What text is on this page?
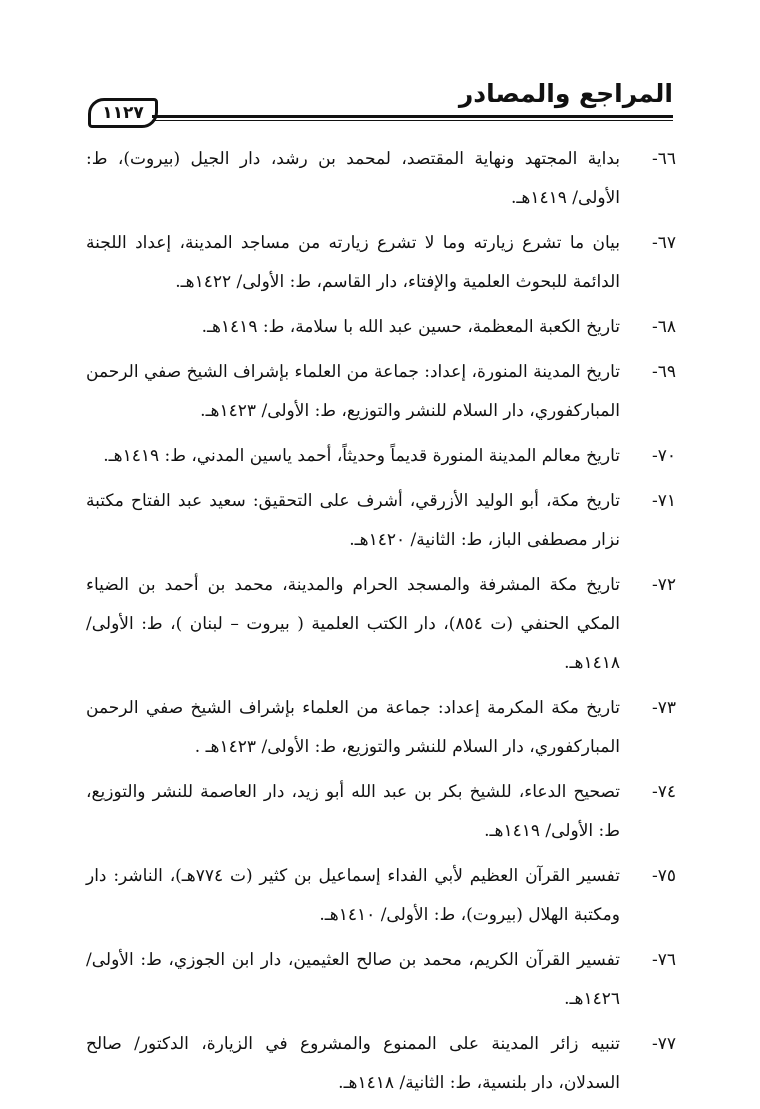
المراجع والمصادر
١١٢٧
٦٦-
بداية المجتهد ونهاية المقتصد، لمحمد بن رشد، دار الجيل (بيروت)، ط: الأولى/ ١٤١٩هـ.
٦٧-
بيان ما تشرع زيارته وما لا تشرع زيارته من مساجد المدينة، إعداد اللجنة الدائمة للبحوث العلمية والإفتاء، دار القاسم، ط: الأولى/ ١٤٢٢هـ.
٦٨-
تاريخ الكعبة المعظمة، حسين عبد الله با سلامة، ط: ١٤١٩هـ.
٦٩-
تاريخ المدينة المنورة، إعداد: جماعة من العلماء بإشراف الشيخ صفي الرحمن المباركفوري، دار السلام للنشر والتوزيع، ط: الأولى/ ١٤٢٣هـ.
٧٠-
تاريخ معالم المدينة المنورة قديماً وحديثاً، أحمد ياسين المدني، ط: ١٤١٩هـ.
٧١-
تاريخ مكة، أبو الوليد الأزرقي، أشرف على التحقيق: سعيد عبد الفتاح مكتبة نزار مصطفى الباز، ط: الثانية/ ١٤٢٠هـ.
٧٢-
تاريخ مكة المشرفة والمسجد الحرام والمدينة، محمد بن أحمد بن الضياء المكي الحنفي (ت ٨٥٤)، دار الكتب العلمية ( بيروت – لبنان )، ط: الأولى/ ١٤١٨هـ.
٧٣-
تاريخ مكة المكرمة إعداد: جماعة من العلماء بإشراف الشيخ صفي الرحمن المباركفوري، دار السلام للنشر والتوزيع، ط: الأولى/ ١٤٢٣هـ .
٧٤-
تصحيح الدعاء، للشيخ بكر بن عبد الله أبو زيد، دار العاصمة للنشر والتوزيع، ط: الأولى/ ١٤١٩هـ.
٧٥-
تفسير القرآن العظيم لأبي الفداء إسماعيل بن كثير (ت ٧٧٤هـ)، الناشر: دار ومكتبة الهلال (بيروت)، ط: الأولى/ ١٤١٠هـ.
٧٦-
تفسير القرآن الكريم، محمد بن صالح العثيمين، دار ابن الجوزي، ط: الأولى/ ١٤٢٦هـ.
٧٧-
تنبيه زائر المدينة على الممنوع والمشروع في الزيارة، الدكتور/ صالح السدلان، دار بلنسية، ط: الثانية/ ١٤١٨هـ.
